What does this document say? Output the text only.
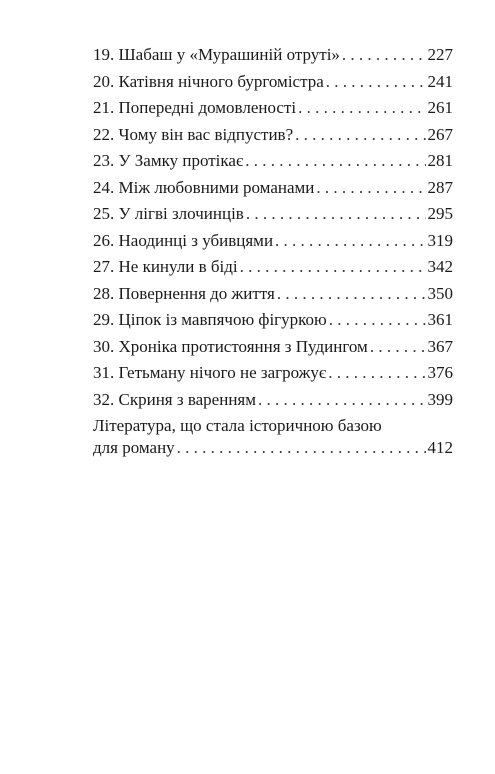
19. Шабаш у «Мурашиній отруті» . . .	227
20. Катівня нічного бургомістра . . .	241
21. Попередні домовленості . . .	261
22. Чому він вас відпустив? . . .	267
23. У Замку протікає . . .	281
24. Між любовними романами . . .	287
25. У лігві злочинців . . .	295
26. Наодинці з убивцями . . .	319
27. Не кинули в біді . . .	342
28. Повернення до життя . . .	350
29. Ціпок із мавпячою фігуркою . . .	361
30. Хроніка протистояння з Пудингом . . .	367
31. Гетьману нічого не загрожує . . .	376
32. Скриня з варенням . . .	399
Література, що стала історичною базою
для роману . . .	412
